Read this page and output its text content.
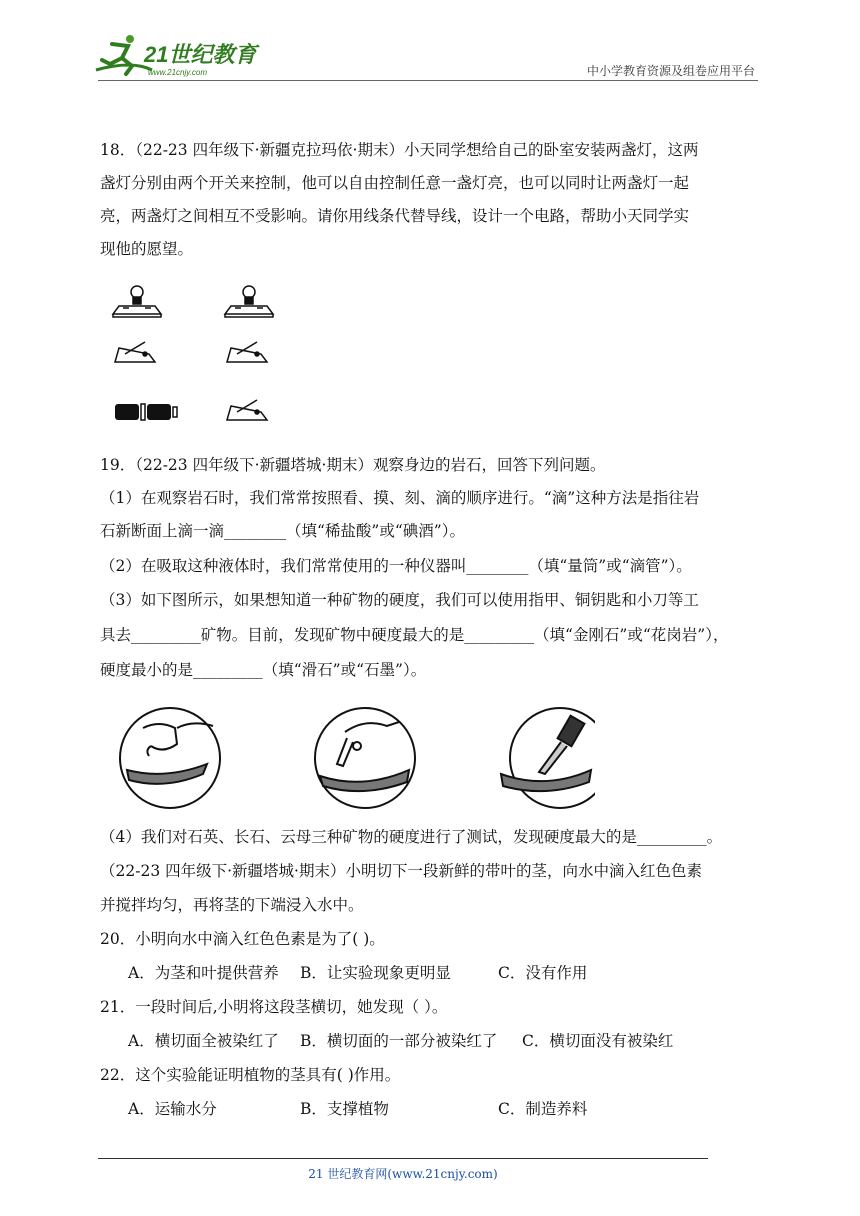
21世纪教育
www.21cnjy.com	中小学教育资源及组卷应用平台

18．（22-23 四年级下·新疆克拉玛依·期末）小天同学想给自己的卧室安装两盏灯，这两

盏灯分别由两个开关来控制，他可以自由控制任意一盏灯亮，也可以同时让两盏灯一起

亮，两盏灯之间相互不受影响。请你用线条代替导线，设计一个电路，帮助小天同学实

现他的愿望。

19．（22-23 四年级下·新疆塔城·期末）观察身边的岩石，回答下列问题。

（1）在观察岩石时，我们常常按照看、摸、刻、滴的顺序进行。“滴”这种方法是指往岩

石新断面上滴一滴________（填“稀盐酸”或“碘酒”）。

（2）在吸取这种液体时，我们常常使用的一种仪器叫________（填“量筒”或“滴管”）。

（3）如下图所示，如果想知道一种矿物的硬度，我们可以使用指甲、铜钥匙和小刀等工

具去_________矿物。目前，发现矿物中硬度最大的是_________（填“金刚石”或“花岗岩”），

硬度最小的是_________（填“滑石”或“石墨”）。

（4）我们对石英、长石、云母三种矿物的硬度进行了测试，发现硬度最大的是_________。

（22-23 四年级下·新疆塔城·期末）小明切下一段新鲜的带叶的茎，向水中滴入红色色素

并搅拌均匀，再将茎的下端浸入水中。

20．小明向水中滴入红色色素是为了( )。

A．为茎和叶提供营养 B．让实验现象更明显	C．没有作用

21．一段时间后,小明将这段茎横切，她发现（ ）。

A．横切面全被染红了 B．横切面的一部分被染红了 C．横切面没有被染红

22．这个实验能证明植物的茎具有( )作用。

A．运输水分	B．支撑植物	C．制造养料
21 世纪教育网(www.21cnjy.com)
